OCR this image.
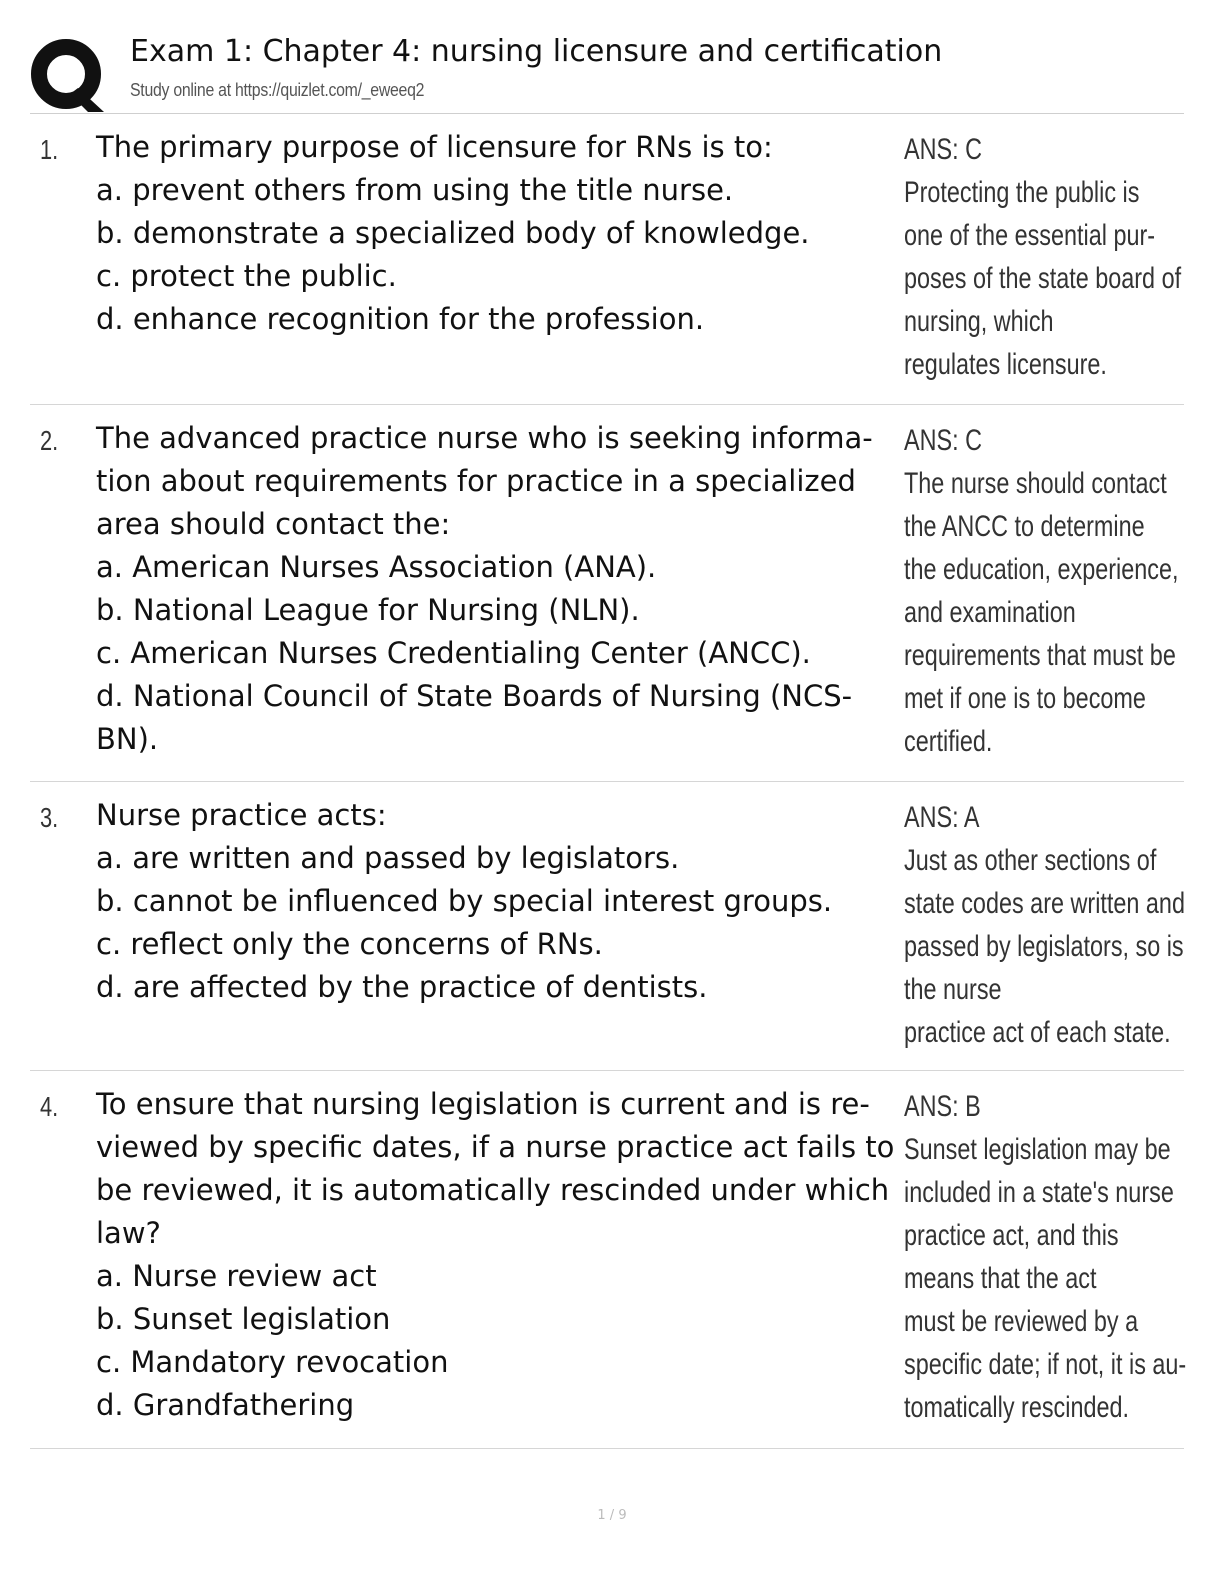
Exam 1: Chapter 4: nursing licensure and certification
Study online at https://quizlet.com/_eweeq2
1. The primary purpose of licensure for RNs is to:
a. prevent others from using the title nurse.
b. demonstrate a specialized body of knowledge.
c. protect the public.
d. enhance recognition for the profession.
ANS: C
Protecting the public is
one of the essential pur-
poses of the state board of
nursing, which
regulates licensure.
2. The advanced practice nurse who is seeking informa-
tion about requirements for practice in a specialized
area should contact the:
a. American Nurses Association (ANA).
b. National League for Nursing (NLN).
c. American Nurses Credentialing Center (ANCC).
d. National Council of State Boards of Nursing (NCS-
BN).
ANS: C
The nurse should contact
the ANCC to determine
the education, experience,
and examination
requirements that must be
met if one is to become
certified.
3. Nurse practice acts:
a. are written and passed by legislators.
b. cannot be influenced by special interest groups.
c. reflect only the concerns of RNs.
d. are affected by the practice of dentists.
ANS: A
Just as other sections of
state codes are written and
passed by legislators, so is
the nurse
practice act of each state.
4. To ensure that nursing legislation is current and is re-
viewed by specific dates, if a nurse practice act fails to
be reviewed, it is automatically rescinded under which
law?
a. Nurse review act
b. Sunset legislation
c. Mandatory revocation
d. Grandfathering
ANS: B
Sunset legislation may be
included in a state's nurse
practice act, and this
means that the act
must be reviewed by a
specific date; if not, it is au-
tomatically rescinded.
1 / 9
